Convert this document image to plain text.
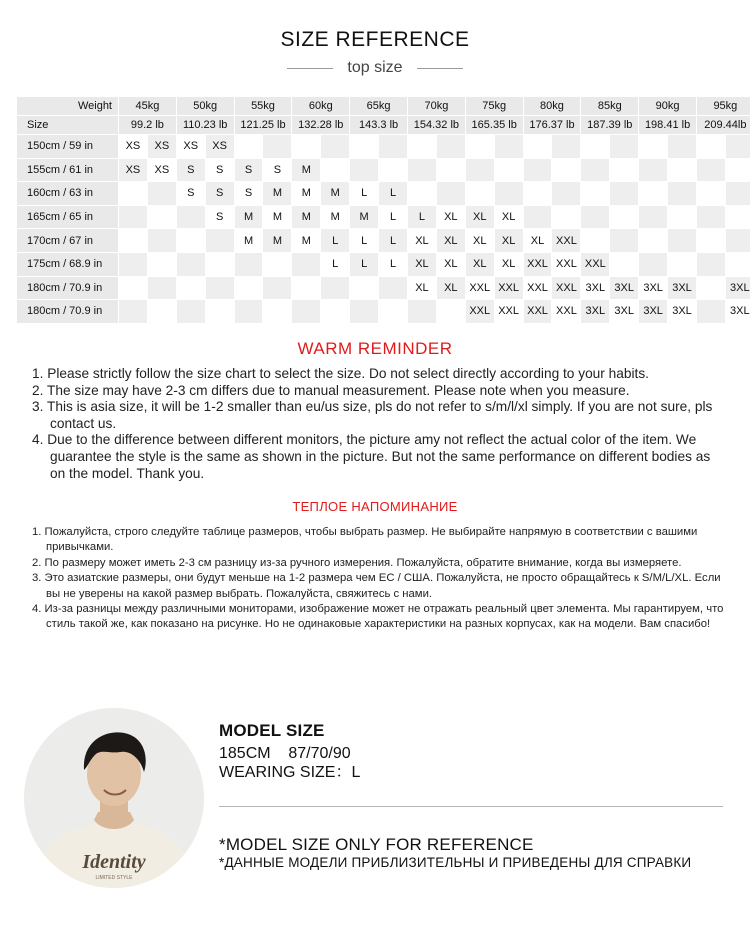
SIZE REFERENCE
top size
Weight	45kg		50kg		55kg		60kg		65kg		70kg		75kg		80kg		85kg		90kg		95kg	
Size	99.2 lb		110.23 lb		121.25 lb		132.28 lb		143.3 lb		154.32 lb		165.35 lb		176.37 lb		187.39 lb		198.41 lb		209.44lb	
150cm / 59 in	XS	XS	XS	XS																		
155cm / 61 in	XS	XS	S	S	S	S	M															
160cm / 63 in			S	S	S	M	M	M	L	L												
165cm / 65 in				S	M	M	M	M	M	L	L	XL	XL	XL								
170cm / 67 in					M	M	M	L	L	L	XL	XL	XL	XL	XL	XXL						
175cm / 68.9 in								L	L	L	XL	XL	XL	XL	XXL	XXL	XXL					
180cm / 70.9 in											XL	XL	XXL	XXL	XXL	XXL	3XL	3XL	3XL	3XL		3XL
180cm / 70.9 in													XXL	XXL	XXL	XXL	3XL	3XL	3XL	3XL		3XL
WARM REMINDER
1. Please strictly follow the size chart to select the size. Do not select directly according to your habits.
2. The size may have 2-3 cm differs due to manual measurement. Please note when you measure.
3. This is asia size, it will be 1-2 smaller than eu/us size, pls do not refer to s/m/l/xl simply. If you are not sure, pls contact us.
4. Due to the difference between different monitors, the picture amy not reflect the actual color of the item. We guarantee the style is the same as shown in the picture. But not the same performance on different bodies as on the model. Thank you.
ТЕПЛОЕ НАПОМИНАНИЕ
1. Пожалуйста, строго следуйте таблице размеров, чтобы выбрать размер. Не выбирайте напрямую в соответствии с вашими привычками.
2. По размеру может иметь 2-3 см разницу из-за ручного измерения. Пожалуйста, обратите внимание, когда вы измеряете.
3. Это азиатские размеры, они будут меньше на 1-2 размера чем ЕС / США. Пожалуйста, не просто обращайтесь к S/M/L/XL. Если вы не уверены на какой размер выбрать. Пожалуйста, свяжитесь с нами.
4. Из-за разницы между различными мониторами, изображение может не отражать реальный цвет элемента. Мы гарантируем, что стиль такой же, как показано на рисунке. Но не одинаковые характеристики на разных корпусах, как на модели. Вам спасибо!
Identity
LIMITED STYLE
MODEL SIZE
185CM 87/70/90
WEARING SIZE：L
*MODEL SIZE ONLY FOR REFERENCE
*ДАННЫЕ МОДЕЛИ ПРИБЛИЗИТЕЛЬНЫ И ПРИВЕДЕНЫ ДЛЯ СПРАВКИ
